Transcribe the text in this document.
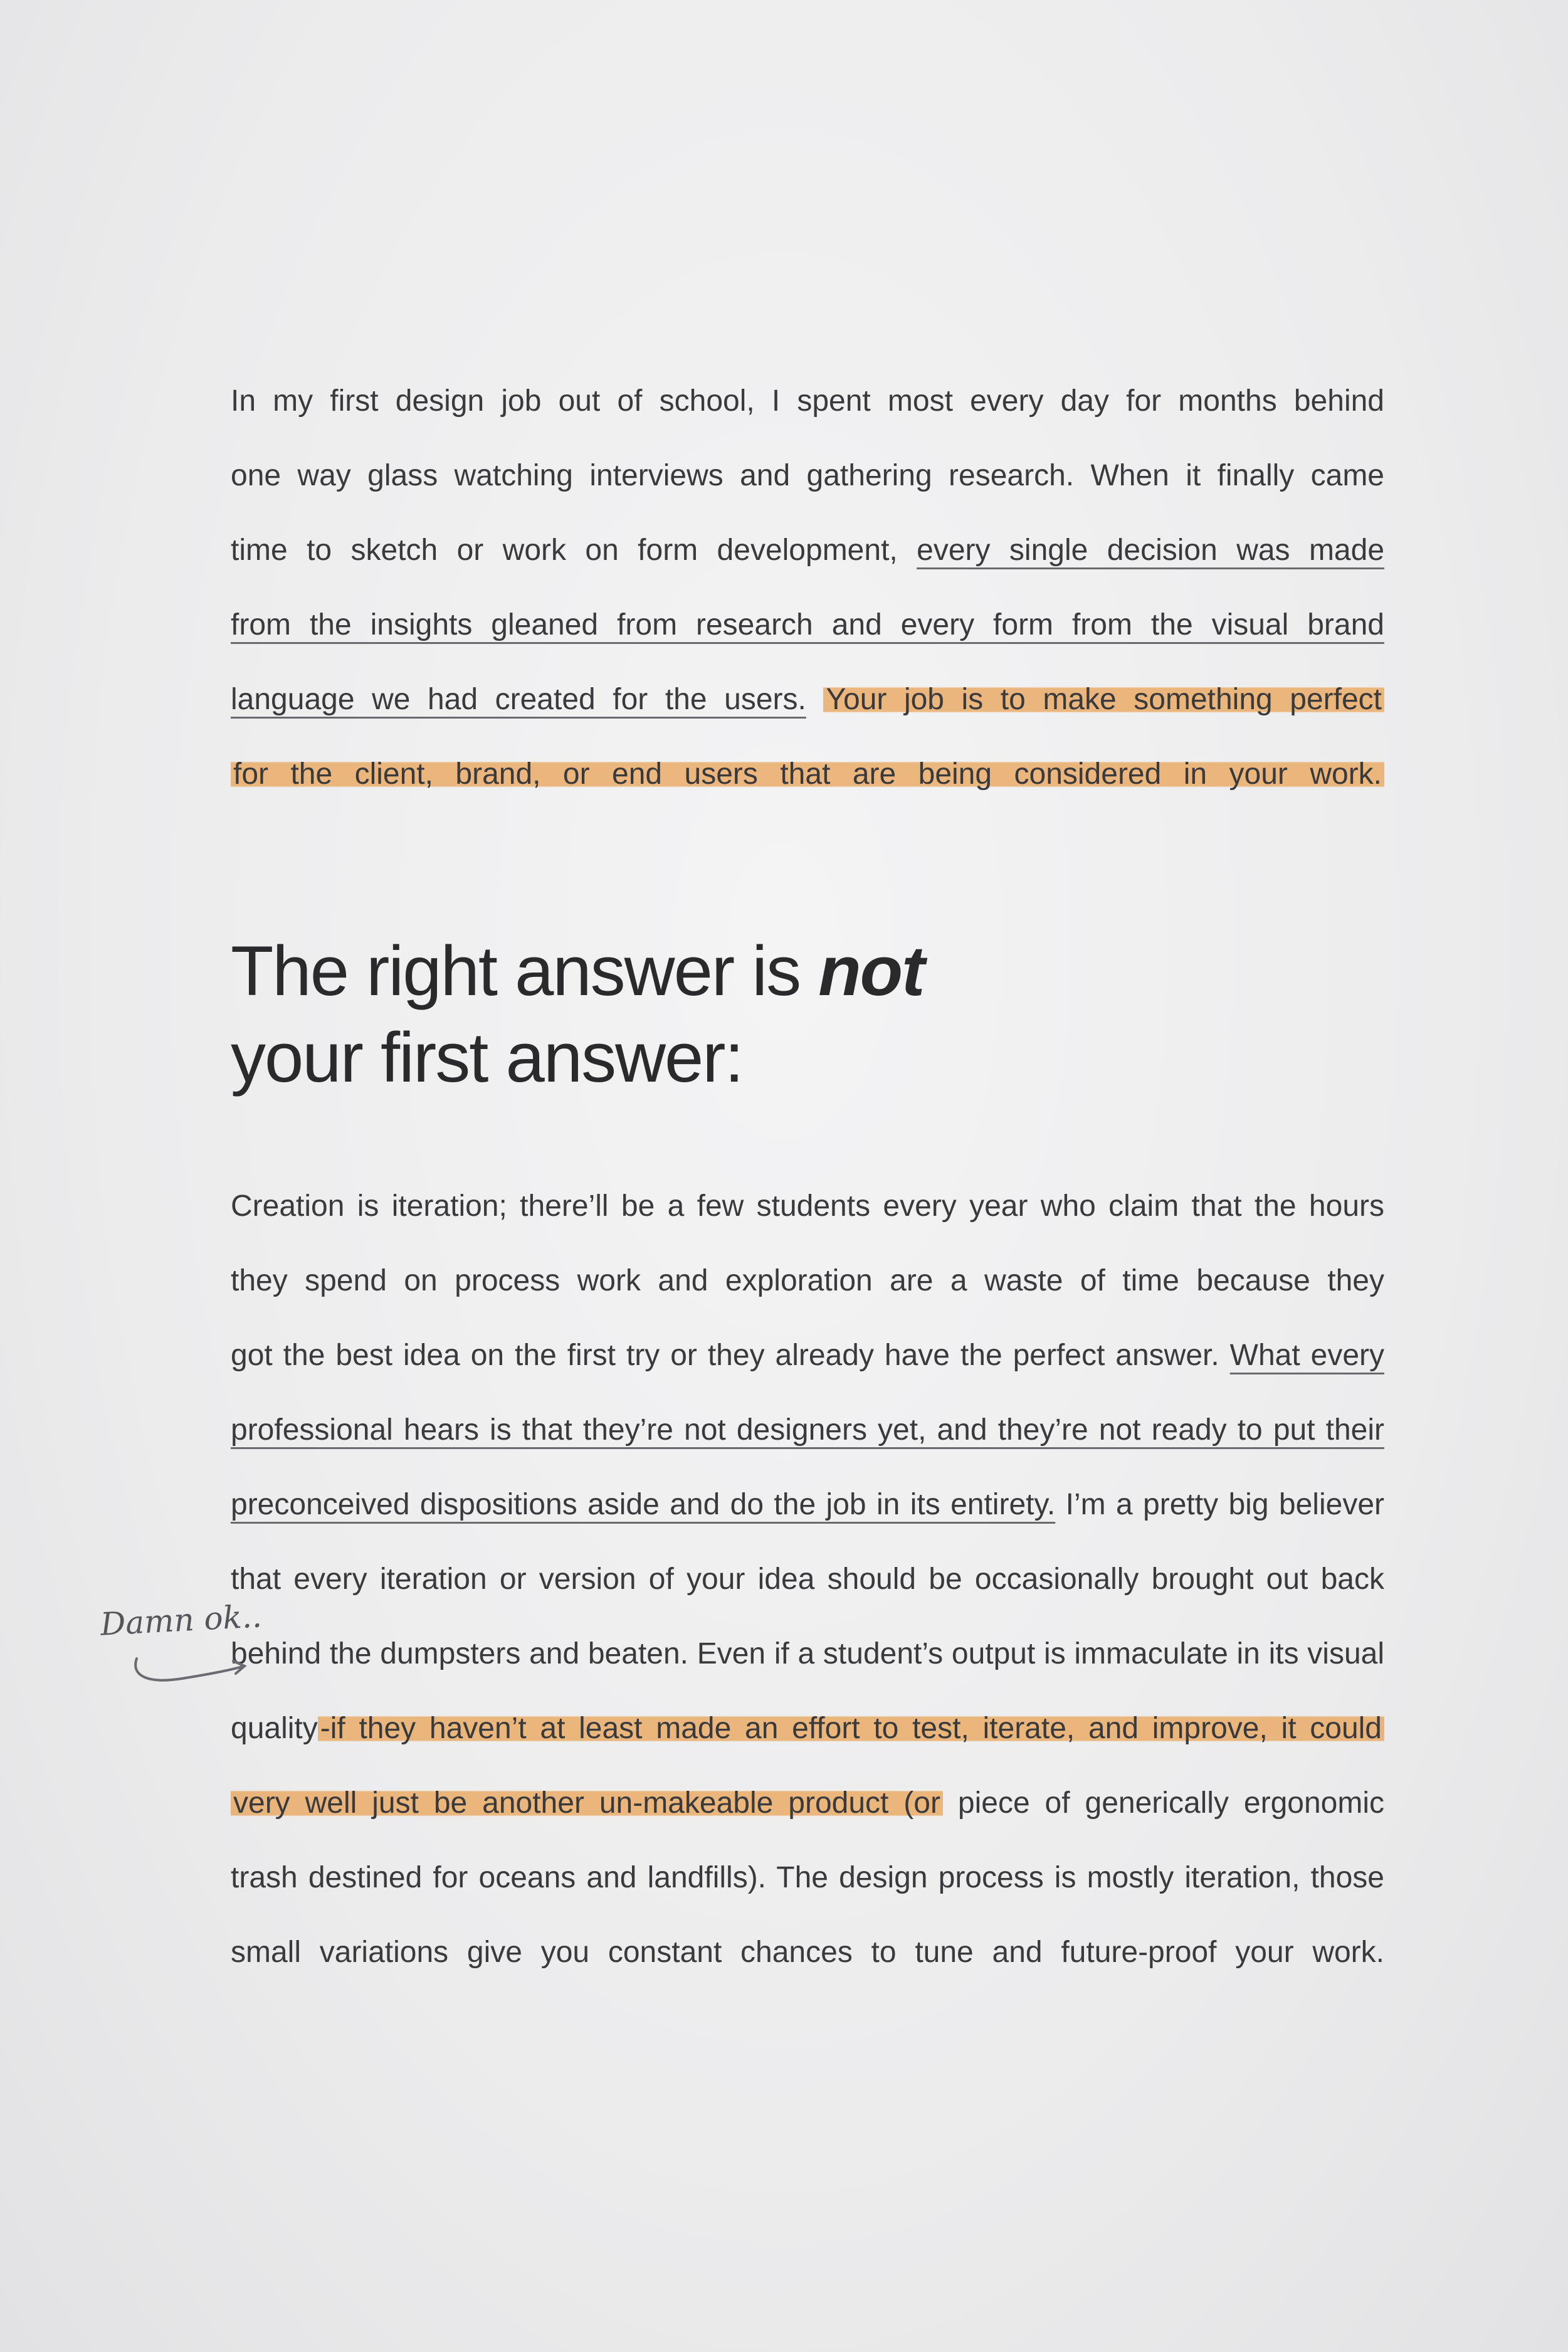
In my first design job out of school, I spent most every day for months behind
one way glass watching interviews and gathering research. When it finally came
time to sketch or work on form development, every single decision was made
from the insights gleaned from research and every form from the visual brand
language we had created for the users. Your job is to make something perfect
for the client, brand, or end users that are being considered in your work.
The right answer is not
your first answer:
Creation is iteration; there’ll be a few students every year who claim that the hours
they spend on process work and exploration are a waste of time because they
got the best idea on the first try or they already have the perfect answer. What every
professional hears is that they’re not designers yet, and they’re not ready to put their
preconceived dispositions aside and do the job in its entirety. I’m a pretty big believer
that every iteration or version of your idea should be occasionally brought out back
behind the dumpsters and beaten. Even if a student’s output is immaculate in its visual
quality-if they haven’t at least made an effort to test, iterate, and improve, it could
very well just be another un-makeable product (or piece of generically ergonomic
trash destined for oceans and landfills). The design process is mostly iteration, those
small variations give you constant chances to tune and future-proof your work.
Damn ok..
